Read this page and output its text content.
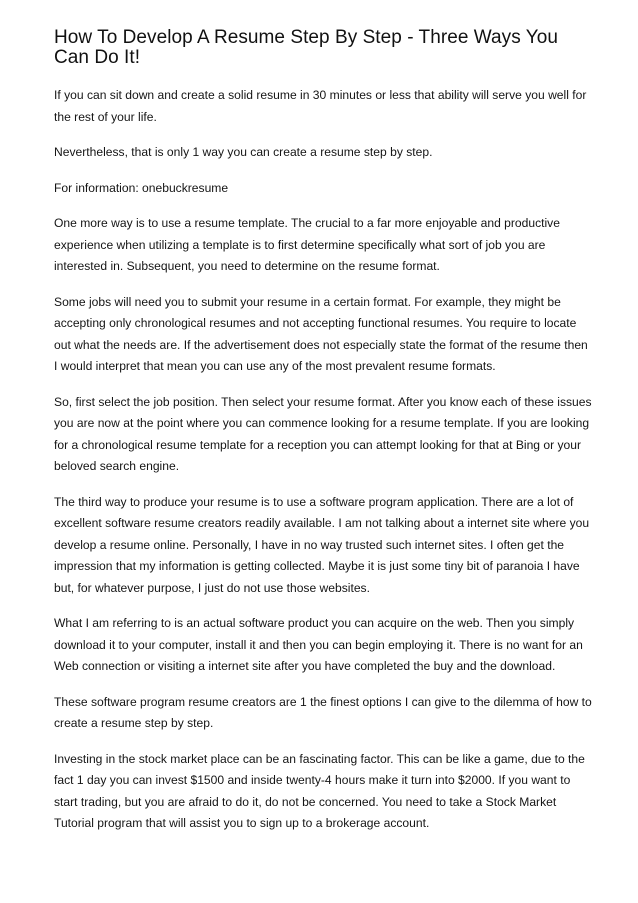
How To Develop A Resume Step By Step - Three Ways You Can Do It!

If you can sit down and create a solid resume in 30 minutes or less that ability will serve you well for the rest of your life.

Nevertheless, that is only 1 way you can create a resume step by step.

For information: onebuckresume

One more way is to use a resume template. The crucial to a far more enjoyable and productive experience when utilizing a template is to first determine specifically what sort of job you are interested in. Subsequent, you need to determine on the resume format.

Some jobs will need you to submit your resume in a certain format. For example, they might be accepting only chronological resumes and not accepting functional resumes. You require to locate out what the needs are. If the advertisement does not especially state the format of the resume then I would interpret that mean you can use any of the most prevalent resume formats.

So, first select the job position. Then select your resume format. After you know each of these issues you are now at the point where you can commence looking for a resume template. If you are looking for a chronological resume template for a reception you can attempt looking for that at Bing or your beloved search engine.

The third way to produce your resume is to use a software program application. There are a lot of excellent software resume creators readily available. I am not talking about a internet site where you develop a resume online. Personally, I have in no way trusted such internet sites. I often get the impression that my information is getting collected. Maybe it is just some tiny bit of paranoia I have but, for whatever purpose, I just do not use those websites.

What I am referring to is an actual software product you can acquire on the web. Then you simply download it to your computer, install it and then you can begin employing it. There is no want for an Web connection or visiting a internet site after you have completed the buy and the download.

These software program resume creators are 1 the finest options I can give to the dilemma of how to create a resume step by step.

Investing in the stock market place can be an fascinating factor. This can be like a game, due to the fact 1 day you can invest $1500 and inside twenty-4 hours make it turn into $2000. If you want to start trading, but you are afraid to do it, do not be concerned. You need to take a Stock Market Tutorial program that will assist you to sign up to a brokerage account.
